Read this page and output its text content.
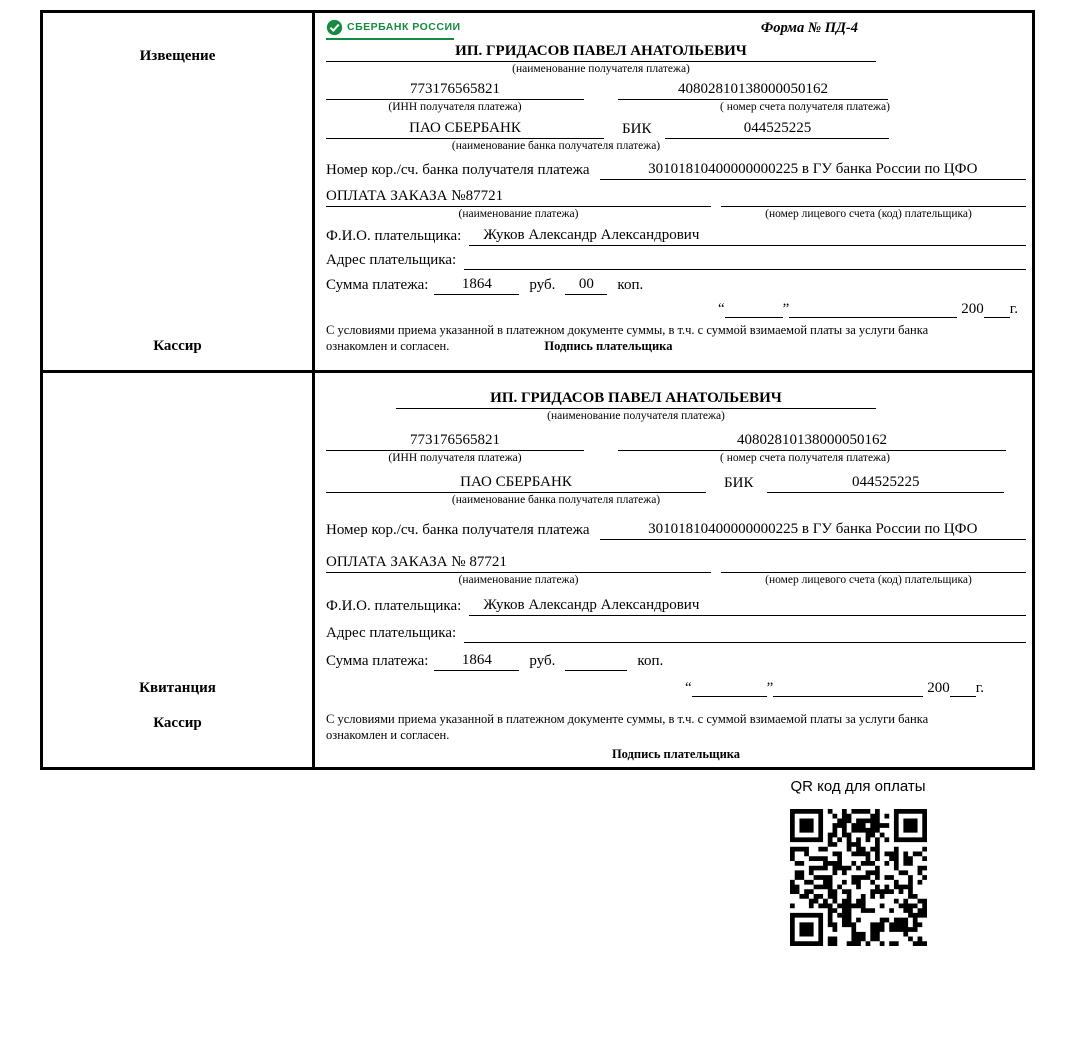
Извещение
Кассир
СБЕРБАНК РОССИИ	Форма № ПД-4
ИП. ГРИДАСОВ ПАВЕЛ АНАТОЛЬЕВИЧ
(наименование получателя платежа)
773176565821	40802810138000050162
(ИНН получателя платежа)	( номер счета получателя платежа)
ПАО СБЕРБАНК	БИК	044525225
(наименование банка получателя платежа)
Номер кор./сч. банка получателя платежа	30101810400000000225 в ГУ банка России по ЦФО
ОПЛАТА ЗАКАЗА №87721
(наименование платежа)	(номер лицевого счета (код) плательщика)
Ф.И.О. плательщика:	Жуков Александр Александрович
Адрес плательщика:
Сумма платежа:	1864	руб.	00	коп.
“	”	200 г.
С условиями приема указанной в платежном документе суммы, в т.ч. с суммой взимаемой платы за услуги банка
ознакомлен и согласен.	Подпись плательщика
Квитанция
Кассир
ИП. ГРИДАСОВ ПАВЕЛ АНАТОЛЬЕВИЧ
(наименование получателя платежа)
773176565821	40802810138000050162
(ИНН получателя платежа)	( номер счета получателя платежа)
ПАО СБЕРБАНК	БИК	044525225
(наименование банка получателя платежа)
Номер кор./сч. банка получателя платежа	30101810400000000225 в ГУ банка России по ЦФО
ОПЛАТА ЗАКАЗА № 87721
(наименование платежа)	(номер лицевого счета (код) плательщика)
Ф.И.О. плательщика:	Жуков Александр Александрович
Адрес плательщика:
Сумма платежа:	1864	руб.	коп.
“	”	200 г.
С условиями приема указанной в платежном документе суммы, в т.ч. с суммой взимаемой платы за услуги банка
ознакомлен и согласен.
Подпись плательщика
QR код для оплаты
